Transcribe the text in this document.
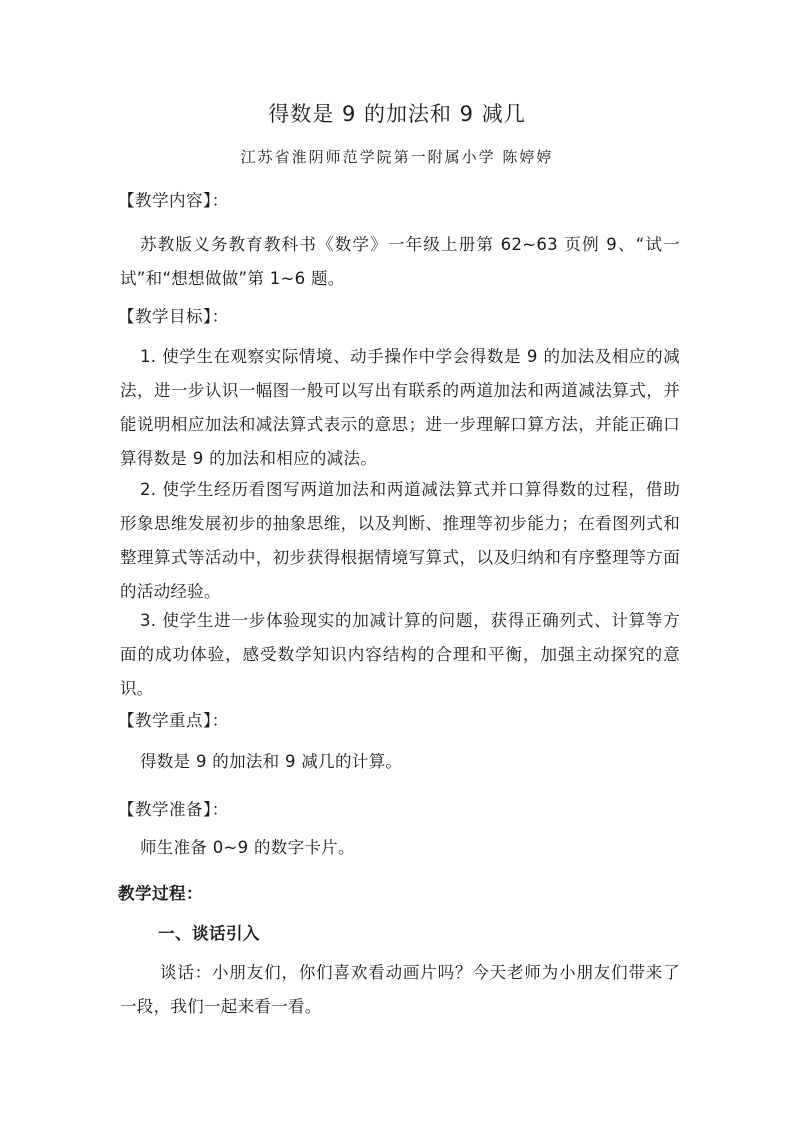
得数是 9 的加法和 9 减几
江苏省淮阴师范学院第一附属小学 陈婷婷
【教学内容】：
苏教版义务教育教科书《数学》一年级上册第 62~63 页例 9、“试一试”和“想想做做”第 1~6 题。
【教学目标】：
1. 使学生在观察实际情境、动手操作中学会得数是 9 的加法及相应的减法，进一步认识一幅图一般可以写出有联系的两道加法和两道减法算式，并能说明相应加法和减法算式表示的意思；进一步理解口算方法，并能正确口算得数是 9 的加法和相应的减法。
2. 使学生经历看图写两道加法和两道减法算式并口算得数的过程，借助形象思维发展初步的抽象思维，以及判断、推理等初步能力；在看图列式和整理算式等活动中，初步获得根据情境写算式，以及归纳和有序整理等方面的活动经验。
3. 使学生进一步体验现实的加减计算的问题，获得正确列式、计算等方面的成功体验，感受数学知识内容结构的合理和平衡，加强主动探究的意识。
【教学重点】：
得数是 9 的加法和 9 减几的计算。
【教学准备】：
师生准备 0~9 的数字卡片。
教学过程：
一、谈话引入
谈话：小朋友们，你们喜欢看动画片吗？今天老师为小朋友们带来了一段，我们一起来看一看。
